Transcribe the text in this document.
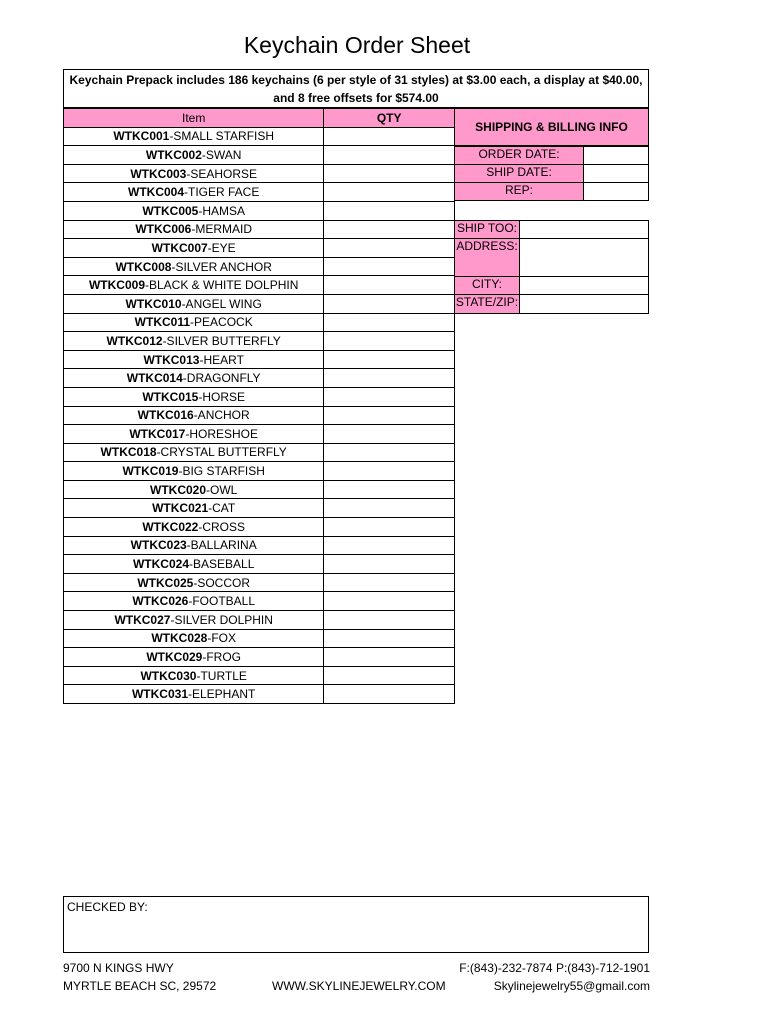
Keychain Order Sheet
Keychain Prepack includes 186 keychains (6 per style of 31 styles) at $3.00 each, a display at $40.00,
and 8 free offsets for $574.00
Item	QTY
WTKC001-SMALL STARFISH	
WTKC002-SWAN	
WTKC003-SEAHORSE	
WTKC004-TIGER FACE	
WTKC005-HAMSA	
WTKC006-MERMAID	
WTKC007-EYE	
WTKC008-SILVER ANCHOR	
WTKC009-BLACK & WHITE DOLPHIN	
WTKC010-ANGEL WING	
WTKC011-PEACOCK	
WTKC012-SILVER BUTTERFLY	
WTKC013-HEART	
WTKC014-DRAGONFLY	
WTKC015-HORSE	
WTKC016-ANCHOR	
WTKC017-HORESHOE	
WTKC018-CRYSTAL BUTTERFLY	
WTKC019-BIG STARFISH	
WTKC020-OWL	
WTKC021-CAT	
WTKC022-CROSS	
WTKC023-BALLARINA	
WTKC024-BASEBALL	
WTKC025-SOCCOR	
WTKC026-FOOTBALL	
WTKC027-SILVER DOLPHIN	
WTKC028-FOX	
WTKC029-FROG	
WTKC030-TURTLE	
WTKC031-ELEPHANT	
SHIPPING & BILLING INFO
ORDER DATE:
SHIP DATE:
REP:
SHIP TOO:
ADDRESS:
CITY:
STATE/ZIP:
CHECKED BY:
9700 N KINGS HWY
MYRTLE BEACH SC, 29572	WWW.SKYLINEJEWELRY.COM
F:(843)-232-7874 P:(843)-712-1901
Skylinejewelry55@gmail.com
